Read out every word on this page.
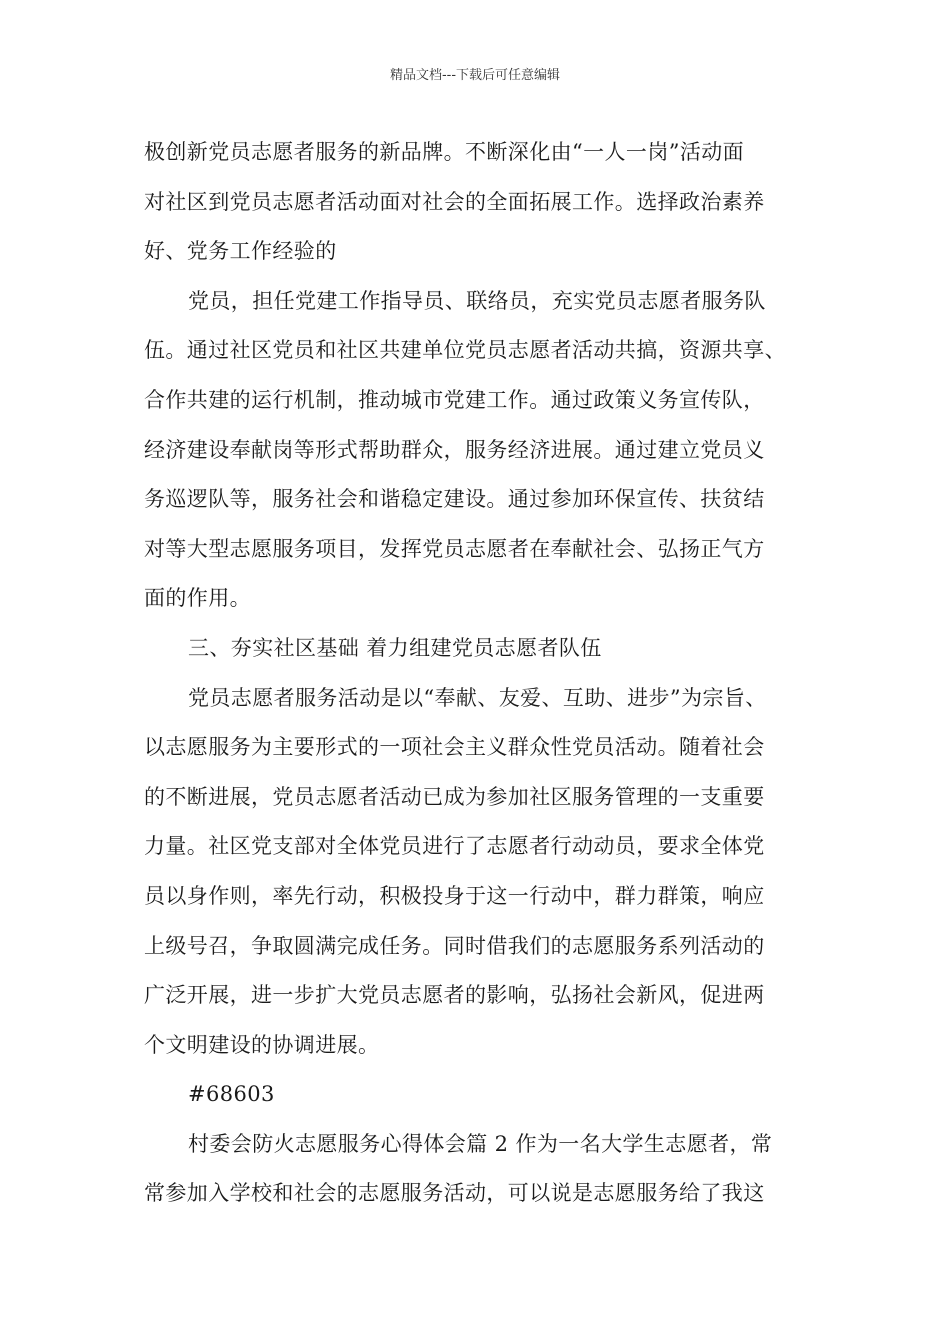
精品文档---下载后可任意编辑
极创新党员志愿者服务的新品牌。不断深化由“一人一岗”活动面
对社区到党员志愿者活动面对社会的全面拓展工作。选择政治素养
好、党务工作经验的
党员，担任党建工作指导员、联络员，充实党员志愿者服务队
伍。通过社区党员和社区共建单位党员志愿者活动共搞，资源共享、
合作共建的运行机制，推动城市党建工作。通过政策义务宣传队，
经济建设奉献岗等形式帮助群众，服务经济进展。通过建立党员义
务巡逻队等，服务社会和谐稳定建设。通过参加环保宣传、扶贫结
对等大型志愿服务项目，发挥党员志愿者在奉献社会、弘扬正气方
面的作用。
三、夯实社区基础 着力组建党员志愿者队伍
党员志愿者服务活动是以“奉献、友爱、互助、进步”为宗旨、
以志愿服务为主要形式的一项社会主义群众性党员活动。随着社会
的不断进展，党员志愿者活动已成为参加社区服务管理的一支重要
力量。社区党支部对全体党员进行了志愿者行动动员，要求全体党
员以身作则，率先行动，积极投身于这一行动中，群力群策，响应
上级号召，争取圆满完成任务。同时借我们的志愿服务系列活动的
广泛开展，进一步扩大党员志愿者的影响，弘扬社会新风，促进两
个文明建设的协调进展。
#68603
村委会防火志愿服务心得体会篇 2 作为一名大学生志愿者，常
常参加入学校和社会的志愿服务活动，可以说是志愿服务给了我这
